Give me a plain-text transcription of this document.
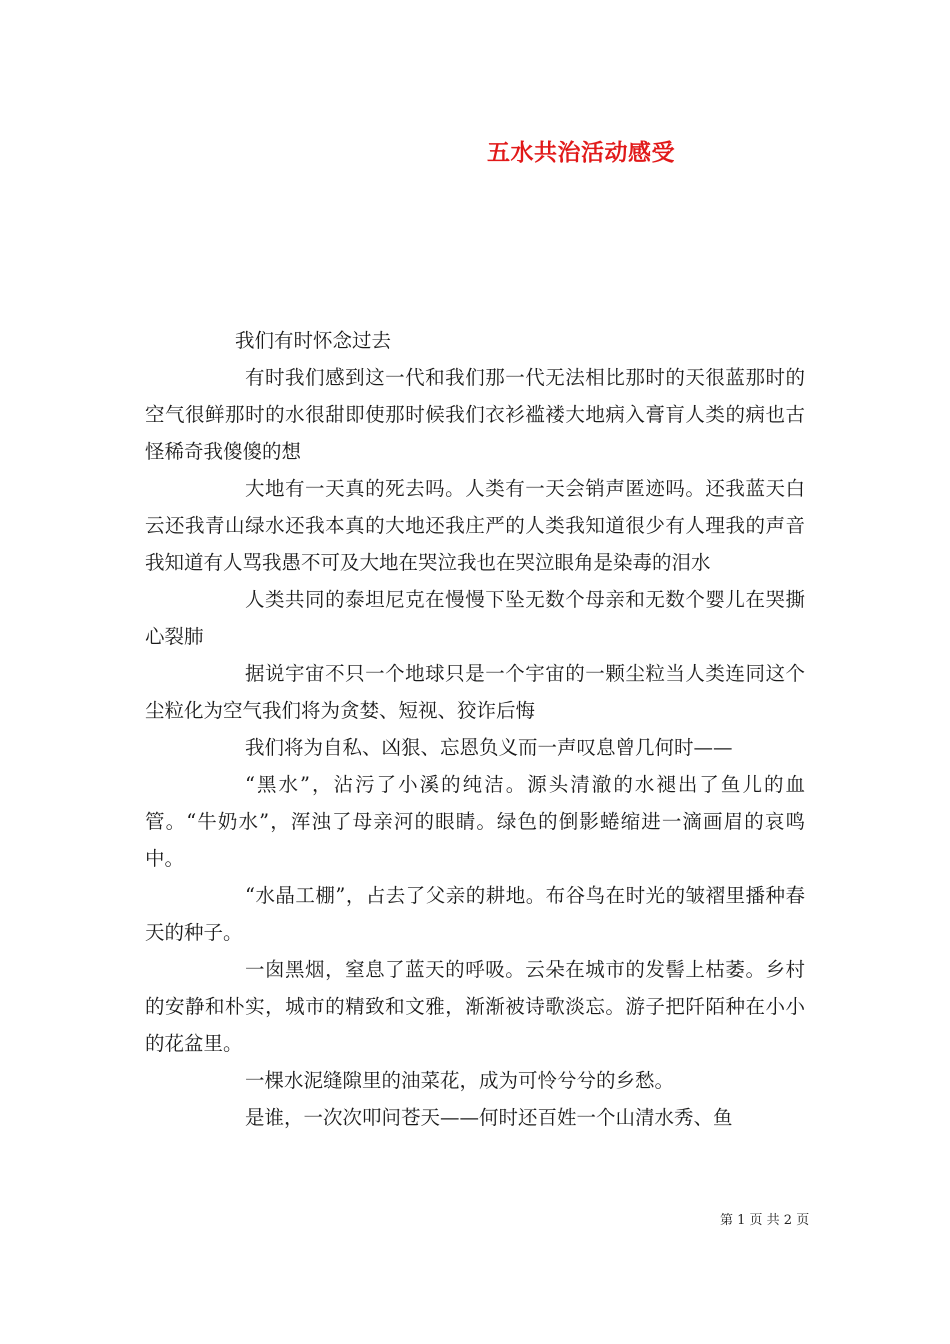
五水共治活动感受

我们有时怀念过去

有时我们感到这一代和我们那一代无法相比那时的天很蓝那时的空气很鲜那时的水很甜即使那时候我们衣衫褴褛大地病入膏肓人类的病也古怪稀奇我傻傻的想

大地有一天真的死去吗。人类有一天会销声匿迹吗。还我蓝天白云还我青山绿水还我本真的大地还我庄严的人类我知道很少有人理我的声音我知道有人骂我愚不可及大地在哭泣我也在哭泣眼角是染毒的泪水

人类共同的泰坦尼克在慢慢下坠无数个母亲和无数个婴儿在哭撕心裂肺

据说宇宙不只一个地球只是一个宇宙的一颗尘粒当人类连同这个尘粒化为空气我们将为贪婪、短视、狡诈后悔

我们将为自私、凶狠、忘恩负义而一声叹息曾几何时——

“黑水”，沾污了小溪的纯洁。源头清澈的水褪出了鱼儿的血管。“牛奶水”，浑浊了母亲河的眼睛。绿色的倒影蜷缩进一滴画眉的哀鸣中。

“水晶工棚”，占去了父亲的耕地。布谷鸟在时光的皱褶里播种春天的种子。

一囱黑烟，窒息了蓝天的呼吸。云朵在城市的发髻上枯萎。乡村的安静和朴实，城市的精致和文雅，渐渐被诗歌淡忘。游子把阡陌种在小小的花盆里。

一棵水泥缝隙里的油菜花，成为可怜兮兮的乡愁。

是谁，一次次叩问苍天——何时还百姓一个山清水秀、鱼

第 1 页 共 2 页
